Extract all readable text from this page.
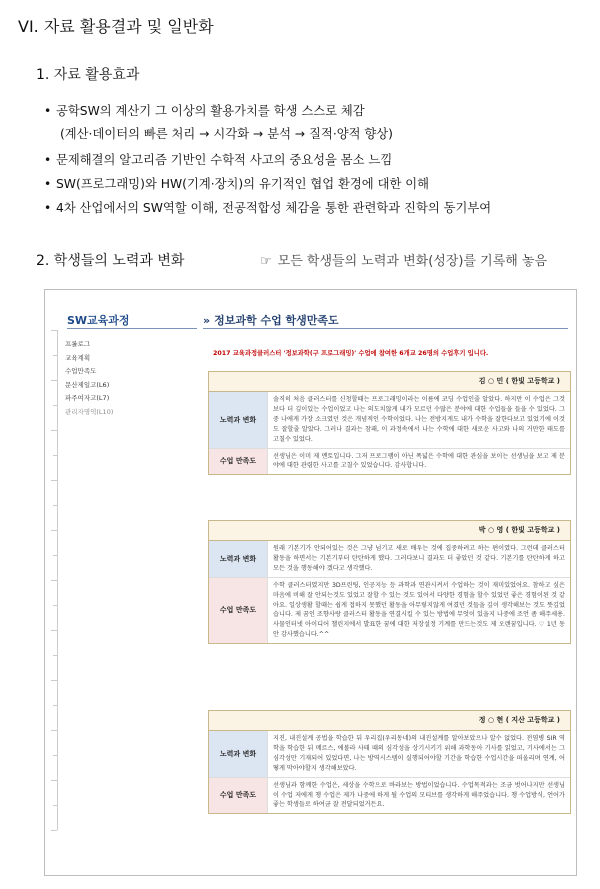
VI. 자료 활용결과 및 일반화
1. 자료 활용효과
• 공학SW의 계산기 그 이상의 활용가치를 학생 스스로 체감
(계산·데이터의 빠른 처리 → 시각화 → 분석 → 질적·양적 향상)
• 문제해결의 알고리즘 기반인 수학적 사고의 중요성을 몸소 느낌
• SW(프로그래밍)와 HW(기계·장치)의 유기적인 협업 환경에 대한 이해
• 4차 산업에서의 SW역할 이해, 전공적합성 체감을 통한 관련학과 진학의 동기부여
2. 학생들의 노력과 변화	☞ 모든 학생들의 노력과 변화(성장)를 기록해 놓음
SW교육과정
프롤로그
교육계획
수업만족도
문산제일고(L6)
파주여자고(L7)
관리자명역(L10)
» 정보과학 수업 학생만족도
2017 교육과정클러스터 '정보과학(구 프로그래밍)' 수업에 참여한 6개교 26명의 수업후기 입니다.
김 ○ 민 ( 한빛 고등학교 )
노력과 변화
솔직히 처음 클러스터를 신청할때는 프로그래밍이라는 이름에 코딩 수업인줄 알았다. 하지만 이 수업은 그것보다 더 깊이있는 수업이었고 나는 의도치않게 내가 모르던 수많은 분야에 대한 수업들을 들을 수 있었다. 그중 나에게 가장 소크였던 것은 개념적인 수학이었다. 나는 전방지게도 내가 수학을 잘한다보고 있었기에 이것도 잘할줄 알았다. 그러나 결과는 참패, 이 과정속에서 나는 수학에 대한 새로운 사고와 나의 거만한 태도를 고칠수 있었다.
수업 만족도
선생님은 이미 제 멘토입니다. 그저 프로그램이 아닌 폭넓은 수학에 대한 관심을 보이는 선생님을 보고 제 분야에 대한 관렴한 사고를 고칠수 있었습니다. 감사합니다.
박 ○ 영 ( 한빛 고등학교 )
노력과 변화
원래 기본기가 안되어있는 것은 그냥 넘기고 새로 배우는 것에 집중하려고 하는 편이였다. 그런데 클러스터 활동을 하면서는 기본기부터 탄탄하게 했다. 그러다보니 결과도 더 좋았던 것 같다. 기본기를 탄탄하게 하고 모든 것을 행동해야 겠다고 생각했다.
수업 만족도
수학 클러스터였지만 3D프린팅, 인공지능 등 과학과 연관시켜서 수업하는 것이 재미있었어요. 참하고 싶은 마음에 비해 잘 안되는것도 있었고 잘할 수 있는 것도 있어서 다양한 경험을 할수 있었던 좋은 경험이된 것 같아요. 일상생활 할때는 쉽게 접하지 못했던 활동을 아무렇지않게 여겼던 것들을 깊이 생각해보는 것도 뜻깊었습니다. 제 꿈인 조향사랑 클러스터 활동을 연결시킬 수 있는 방법에 무엇이 있을지 나중에 조언 좀 해주세용. 사물인터넷 아이디어 챌린지에서 발표한 꿈에 대한 저장설정 기계를 만드는것도 제 오랜꿈입니다. ♡ 1년 동안 감사했습니다.^^
정 ○ 현 ( 지산 고등학교 )
노력과 변화
지진, 내진설계 공법을 학습한 뒤 우리집(우리동네)의 내진설계를 알아보았으나 알수 없었다. 전염병 SIR 역학을 학습한 뒤 메르스, 에볼라 사태 때의 심각성을 상기시키기 위해 과학동아 기사를 읽었고, 기사에서는 그 심각성만 기재되어 있었다면, 나는 방역시스템이 실행되어야할 기간을 학습한 수업시간을 떠올리며 연계, 어떻게 막아야할지 생각해보았다.
수업 만족도
선생님과 함께한 수업은, 세상을 수학으로 바라보는 방법이었습니다. 수업목적과는 조금 벗어나지만 선생님이 수업 저에게 챙 수업은 제가 나중에 하게 될 수업의 모티브를 생각하게 해주었습니다. 챙 수업방식, 언어가 좋는 학생들로 하여금 잘 전달되었거든요.
